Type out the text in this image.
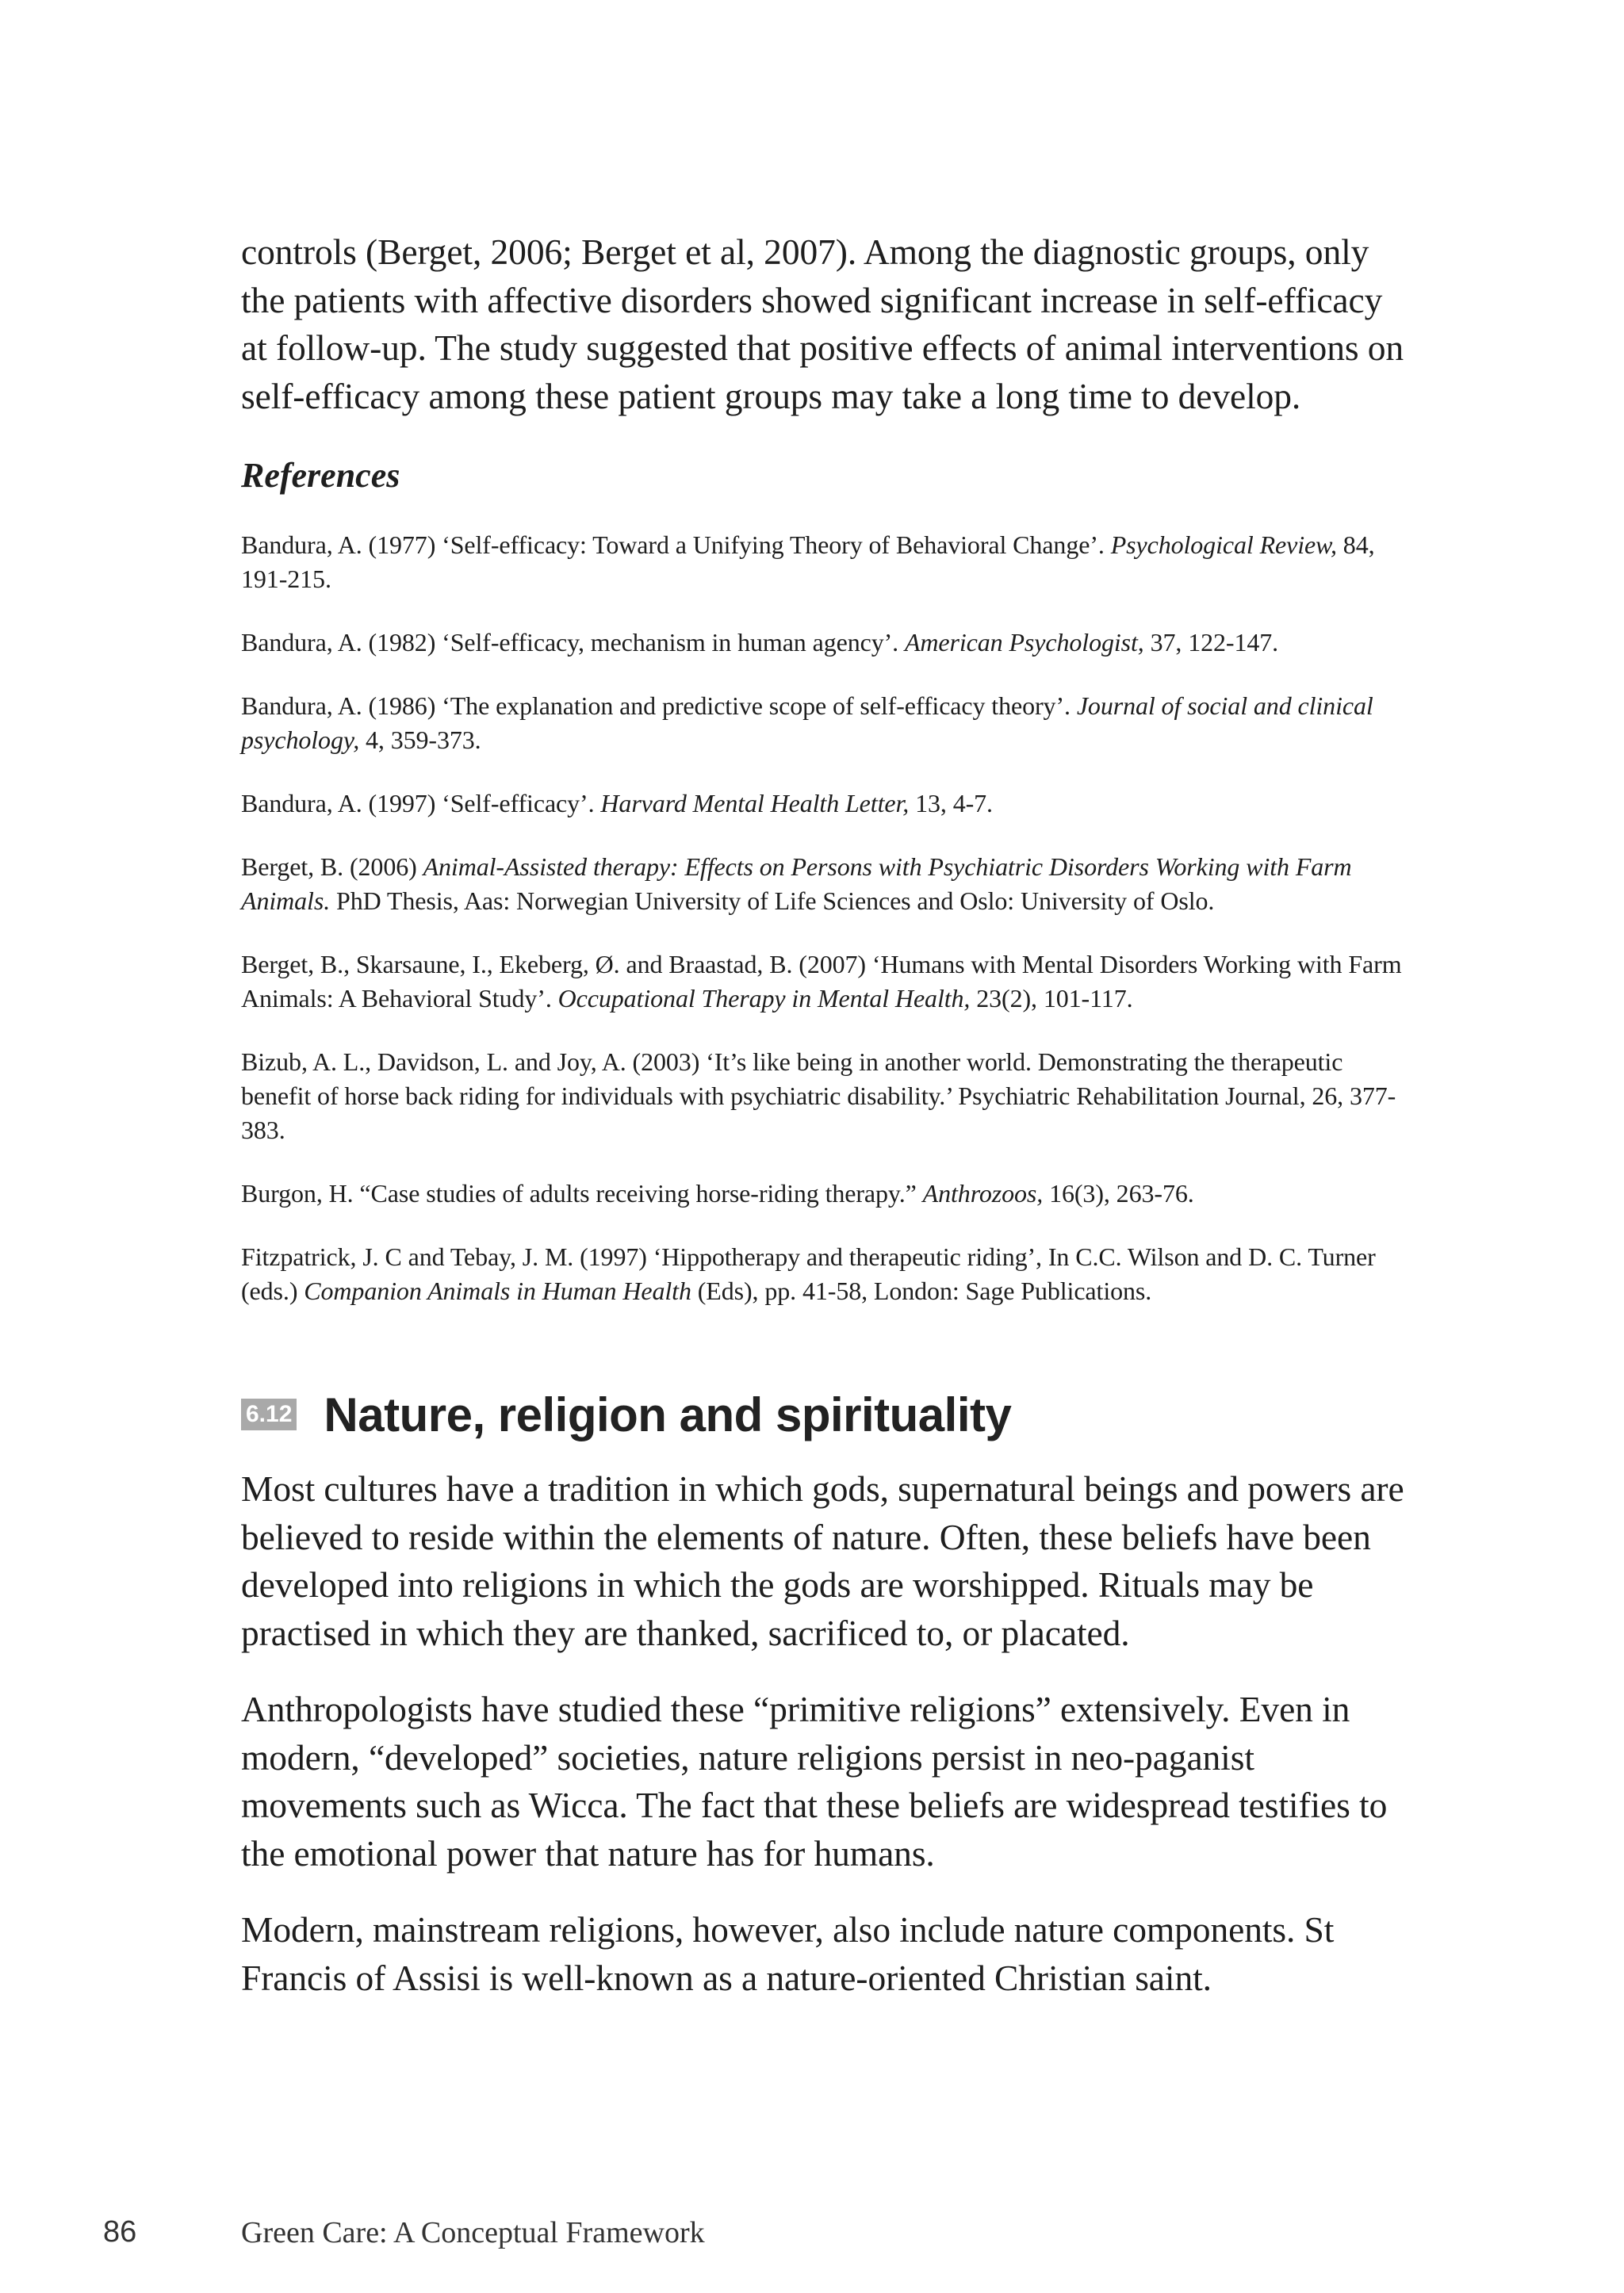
controls (Berget, 2006; Berget et al, 2007). Among the diagnostic groups, only the patients with affective disorders showed significant increase in self-efficacy at follow-up. The study suggested that positive effects of animal interventions on self-efficacy among these patient groups may take a long time to develop.

References

Bandura, A. (1977) ‘Self-efficacy: Toward a Unifying Theory of Behavioral Change’. Psychological Review, 84, 191-215.

Bandura, A. (1982) ‘Self-efficacy, mechanism in human agency’. American Psychologist, 37, 122-147.

Bandura, A. (1986) ‘The explanation and predictive scope of self-efficacy theory’. Journal of social and clinical psychology, 4, 359-373.

Bandura, A. (1997) ‘Self-efficacy’. Harvard Mental Health Letter, 13, 4-7.

Berget, B. (2006) Animal-Assisted therapy: Effects on Persons with Psychiatric Disorders Working with Farm Animals. PhD Thesis, Aas: Norwegian University of Life Sciences and Oslo: University of Oslo.

Berget, B., Skarsaune, I., Ekeberg, Ø. and Braastad, B. (2007) ‘Humans with Mental Disorders Working with Farm Animals: A Behavioral Study’. Occupational Therapy in Mental Health, 23(2), 101-117.

Bizub, A. L., Davidson, L. and Joy, A. (2003) ‘It’s like being in another world. Demonstrating the therapeutic benefit of horse back riding for individuals with psychiatric disability.’ Psychiatric Rehabilitation Journal, 26, 377-383.

Burgon, H. “Case studies of adults receiving horse-riding therapy.” Anthrozoos, 16(3), 263-76.

Fitzpatrick, J. C and Tebay, J. M. (1997) ‘Hippotherapy and therapeutic riding’, In C.C. Wilson and D. C. Turner (eds.) Companion Animals in Human Health (Eds), pp. 41-58, London: Sage Publications.

6.12 Nature, religion and spirituality

Most cultures have a tradition in which gods, supernatural beings and powers are believed to reside within the elements of nature. Often, these beliefs have been developed into religions in which the gods are worshipped. Rituals may be practised in which they are thanked, sacrificed to, or placated.

Anthropologists have studied these “primitive religions” extensively. Even in modern, “developed” societies, nature religions persist in neo-paganist movements such as Wicca. The fact that these beliefs are widespread testifies to the emotional power that nature has for humans.

Modern, mainstream religions, however, also include nature components. St Francis of Assisi is well-known as a nature-oriented Christian saint.

86	Green Care: A Conceptual Framework
